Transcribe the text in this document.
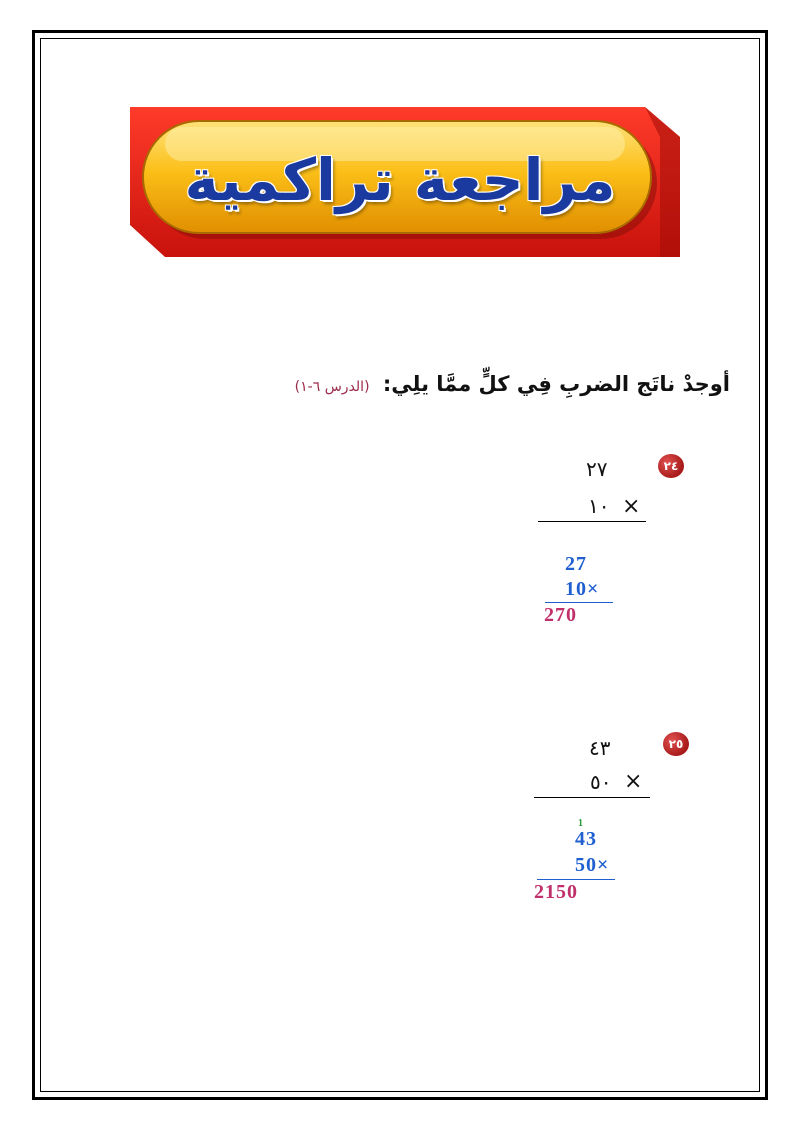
مراجعة تراكمية
أوجدْ ناتَج الضربِ فِي كلٍّ ممَّا يلِي: (الدرس ٦-١)
٢٤
٢٧
١٠ ×
27
10×
270
٢٥
٤٣
٥٠ ×
1
43
50×
2150
